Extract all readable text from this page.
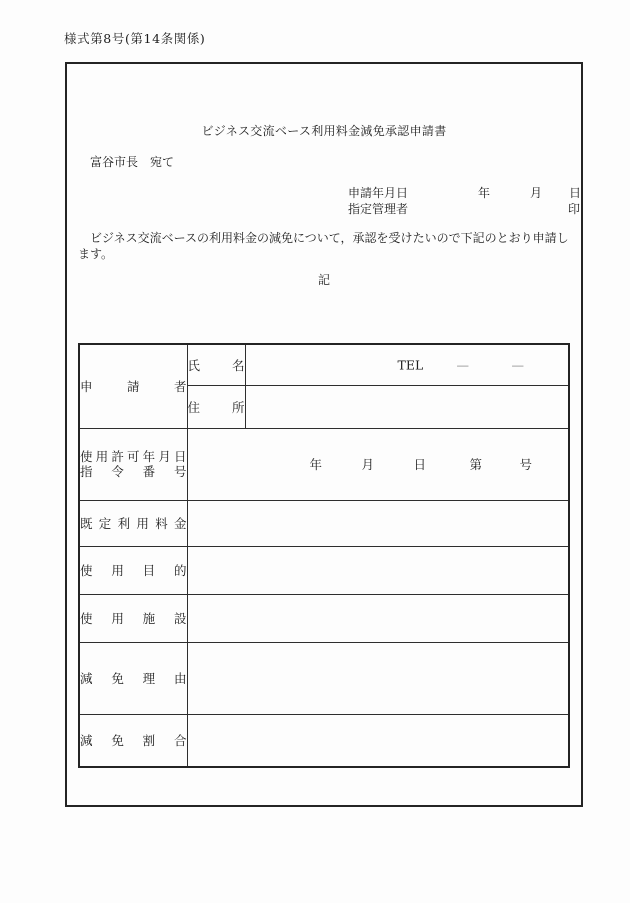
様式第8号(第14条関係)
ビジネス交流ベース利用料金減免承認申請書
富谷市長　宛て
申請年月日	年	月 日
指定管理者	印
　ビジネス交流ベースの利用料金の減免について，承認を受けたいので下記のとおり申請します。
記
申請者	氏名	TEL — —

	住所	

使用許可年月日
指令番号	年	月	日	第	号

既定利用料金		
使用目的		
使用施設		
減免理由		
減免割合		
